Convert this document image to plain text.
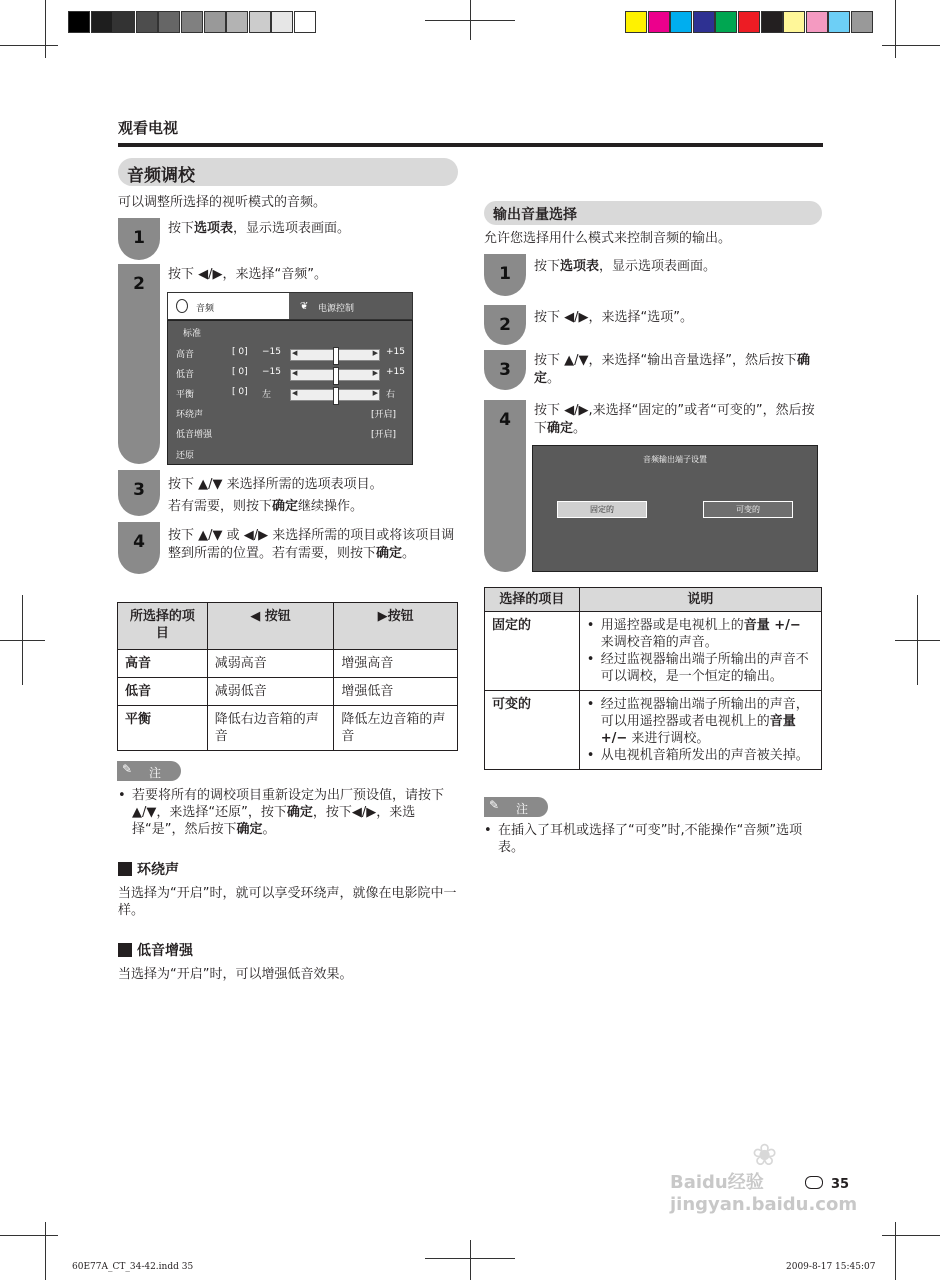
观看电视
音频调校
可以调整所选择的视听模式的音频。
1	按下选项表，显示选项表画面。
2	按下 ◀/▶，来选择“音频”。
音频	❦ 电源控制
标准
高音	[ 0] −15	+15
◀	▶
低音	[ 0] −15	+15
◀	▶
平衡	[ 0] 左	右
◀	▶
环绕声	[开启]
低音增强	[开启]
还原
3	按下 ▲/▼ 来选择所需的选项表项目。
若有需要，则按下确定继续操作。
4	按下 ▲/▼ 或 ◀/▶ 来选择所需的项目或将该项目调整到所需的位置。若有需要，则按下确定。
所选择的项目	◀ 按钮	▶按钮
高音	减弱高音	增强高音
低音	减弱低音	增强低音
平衡	降低右边音箱的声音	降低左边音箱的声音
✎ 注
• 若要将所有的调校项目重新设定为出厂预设值，请按下▲/▼，来选择“还原”，按下确定，按下◀/▶，来选择“是”，然后按下确定。
环绕声
当选择为“开启”时，就可以享受环绕声，就像在电影院中一样。
低音增强
当选择为“开启”时，可以增强低音效果。
输出音量选择
允许您选择用什么模式来控制音频的输出。
1	按下选项表，显示选项表画面。
2	按下 ◀/▶，来选择“选项”。
3	按下 ▲/▼，来选择“输出音量选择”，然后按下确定。
4	按下 ◀/▶,来选择“固定的”或者“可变的”，然后按下确定。
音频输出端子设置
固定的	可变的
选择的项目	说明
固定的	• 用遥控器或是电视机上的音量 +/− 来调校音箱的声音。
• 经过监视器输出端子所输出的声音不可以调校，是一个恒定的输出。

可变的	• 经过监视器输出端子所输出的声音，可以用遥控器或者电视机上的音量 +/− 来进行调校。
• 从电视机音箱所发出的声音被关掉。
✎ 注
• 在插入了耳机或选择了“可变”时,不能操作“音频”选项表。
❀
Baidu经验 jingyan.baidu.com
35
60E77A_CT_34-42.indd 35	2009-8-17 15:45:07
